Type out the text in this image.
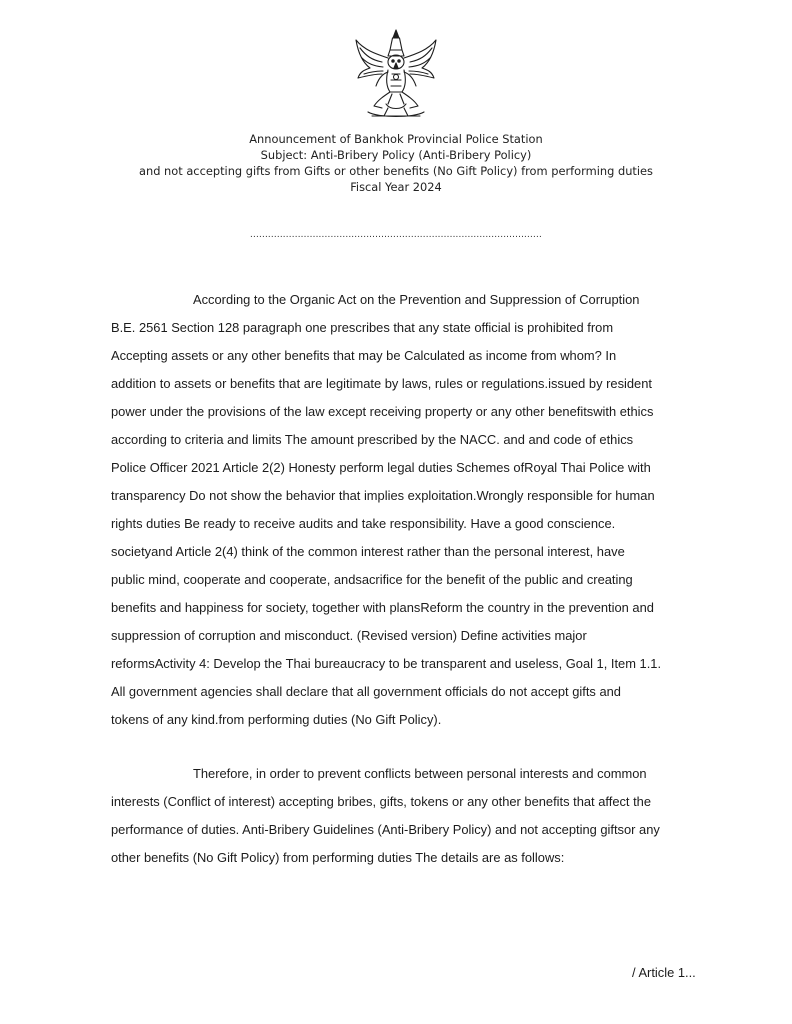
Announcement of Bankhok Provincial Police Station
Subject: Anti-Bribery Policy (Anti-Bribery Policy)
and not accepting gifts from Gifts or other benefits (No Gift Policy) from performing duties
Fiscal Year 2024
..................................................................................................
According to the Organic Act on the Prevention and Suppression of Corruption
B.E. 2561 Section 128 paragraph one prescribes that any state official is prohibited from
Accepting assets or any other benefits that may be Calculated as income from whom? In
addition to assets or benefits that are legitimate by laws, rules or regulations.issued by resident
power under the provisions of the law except receiving property or any other benefitswith ethics
according to criteria and limits The amount prescribed by the NACC. and and code of ethics
Police Officer 2021 Article 2(2) Honesty perform legal duties Schemes ofRoyal Thai Police with
transparency Do not show the behavior that implies exploitation.Wrongly responsible for human
rights duties Be ready to receive audits and take responsibility. Have a good conscience.
societyand Article 2(4) think of the common interest rather than the personal interest, have
public mind, cooperate and cooperate, andsacrifice for the benefit of the public and creating
benefits and happiness for society, together with plansReform the country in the prevention and
suppression of corruption and misconduct. (Revised version) Define activities major
reformsActivity 4: Develop the Thai bureaucracy to be transparent and useless, Goal 1, Item 1.1.
All government agencies shall declare that all government officials do not accept gifts and
tokens of any kind.from performing duties (No Gift Policy).
Therefore, in order to prevent conflicts between personal interests and common
interests (Conflict of interest) accepting bribes, gifts, tokens or any other benefits that affect the
performance of duties. Anti-Bribery Guidelines (Anti-Bribery Policy) and not accepting giftsor any
other benefits (No Gift Policy) from performing duties The details are as follows:
/ Article 1...
